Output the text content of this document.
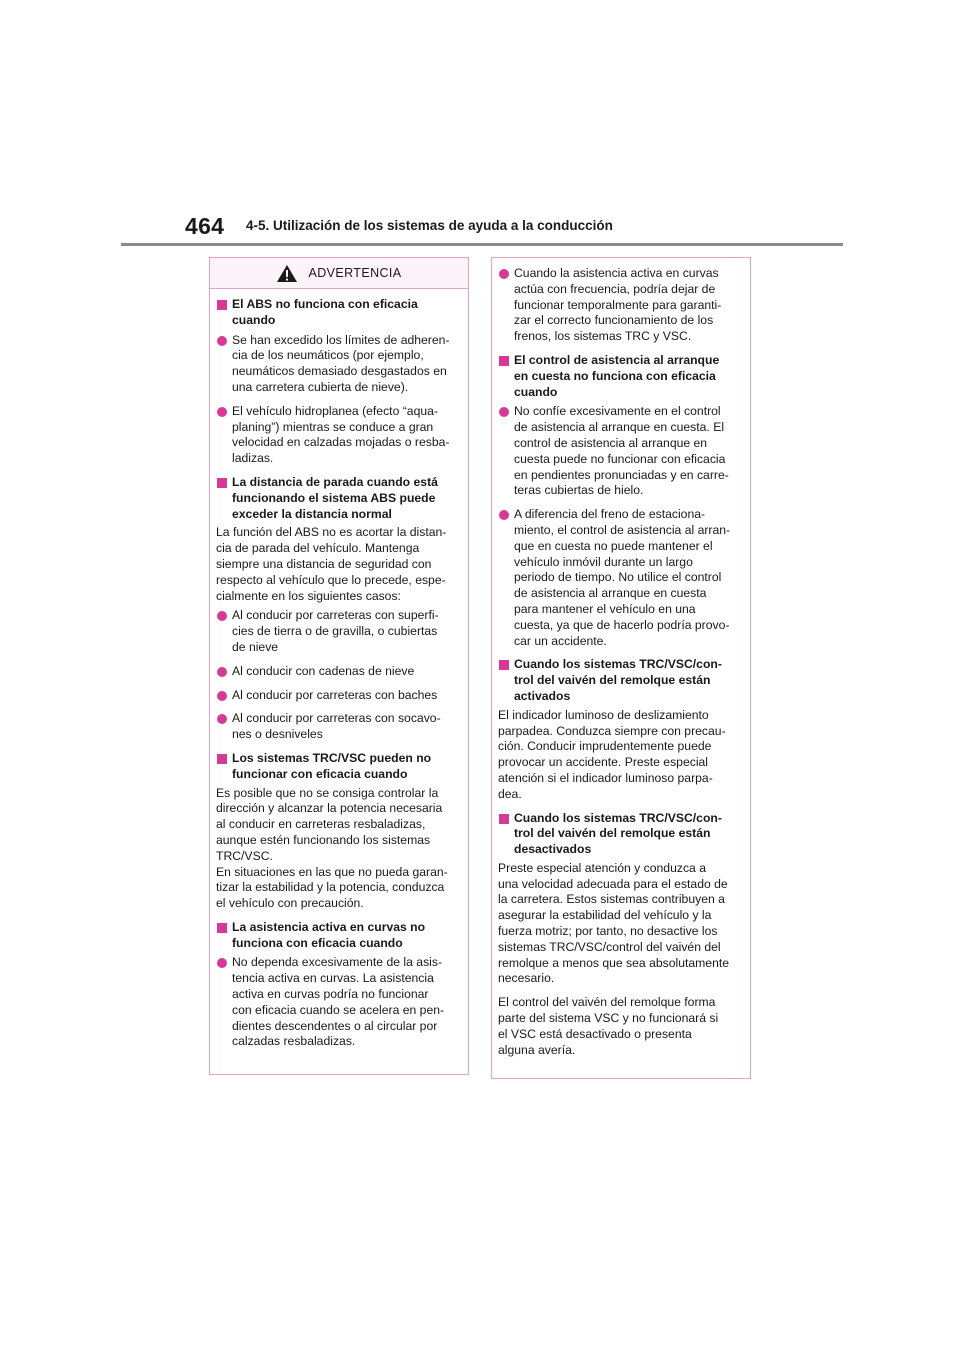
464 4-5. Utilización de los sistemas de ayuda a la conducción
ADVERTENCIA
El ABS no funciona con eficacia cuando
Se han excedido los límites de adheren-
cia de los neumáticos (por ejemplo,
neumáticos demasiado desgastados en
una carretera cubierta de nieve).
El vehículo hidroplanea (efecto “aqua-
planing”) mientras se conduce a gran
velocidad en calzadas mojadas o resba-
ladizas.
La distancia de parada cuando está
funcionando el sistema ABS puede
exceder la distancia normal
La función del ABS no es acortar la distan-
cia de parada del vehículo. Mantenga
siempre una distancia de seguridad con
respecto al vehículo que lo precede, espe-
cialmente en los siguientes casos:
Al conducir por carreteras con superfi-
cies de tierra o de gravilla, o cubiertas
de nieve
Al conducir con cadenas de nieve
Al conducir por carreteras con baches
Al conducir por carreteras con socavo-
nes o desniveles
Los sistemas TRC/VSC pueden no
funcionar con eficacia cuando
Es posible que no se consiga controlar la
dirección y alcanzar la potencia necesaria
al conducir en carreteras resbaladizas,
aunque estén funcionando los sistemas
TRC/VSC.
En situaciones en las que no pueda garan-
tizar la estabilidad y la potencia, conduzca
el vehículo con precaución.
La asistencia activa en curvas no
funciona con eficacia cuando
No dependa excesivamente de la asis-
tencia activa en curvas. La asistencia
activa en curvas podría no funcionar
con eficacia cuando se acelera en pen-
dientes descendentes o al circular por
calzadas resbaladizas.
Cuando la asistencia activa en curvas
actúa con frecuencia, podría dejar de
funcionar temporalmente para garanti-
zar el correcto funcionamiento de los
frenos, los sistemas TRC y VSC.
El control de asistencia al arranque
en cuesta no funciona con eficacia
cuando
No confíe excesivamente en el control
de asistencia al arranque en cuesta. El
control de asistencia al arranque en
cuesta puede no funcionar con eficacia
en pendientes pronunciadas y en carre-
teras cubiertas de hielo.
A diferencia del freno de estaciona-
miento, el control de asistencia al arran-
que en cuesta no puede mantener el
vehículo inmóvil durante un largo
periodo de tiempo. No utilice el control
de asistencia al arranque en cuesta
para mantener el vehículo en una
cuesta, ya que de hacerlo podría provo-
car un accidente.
Cuando los sistemas TRC/VSC/con-
trol del vaivén del remolque están
activados
El indicador luminoso de deslizamiento
parpadea. Conduzca siempre con precau-
ción. Conducir imprudentemente puede
provocar un accidente. Preste especial
atención si el indicador luminoso parpa-
dea.
Cuando los sistemas TRC/VSC/con-
trol del vaivén del remolque están
desactivados
Preste especial atención y conduzca a
una velocidad adecuada para el estado de
la carretera. Estos sistemas contribuyen a
asegurar la estabilidad del vehículo y la
fuerza motriz; por tanto, no desactive los
sistemas TRC/VSC/control del vaivén del
remolque a menos que sea absolutamente
necesario.
El control del vaivén del remolque forma
parte del sistema VSC y no funcionará si
el VSC está desactivado o presenta
alguna avería.
